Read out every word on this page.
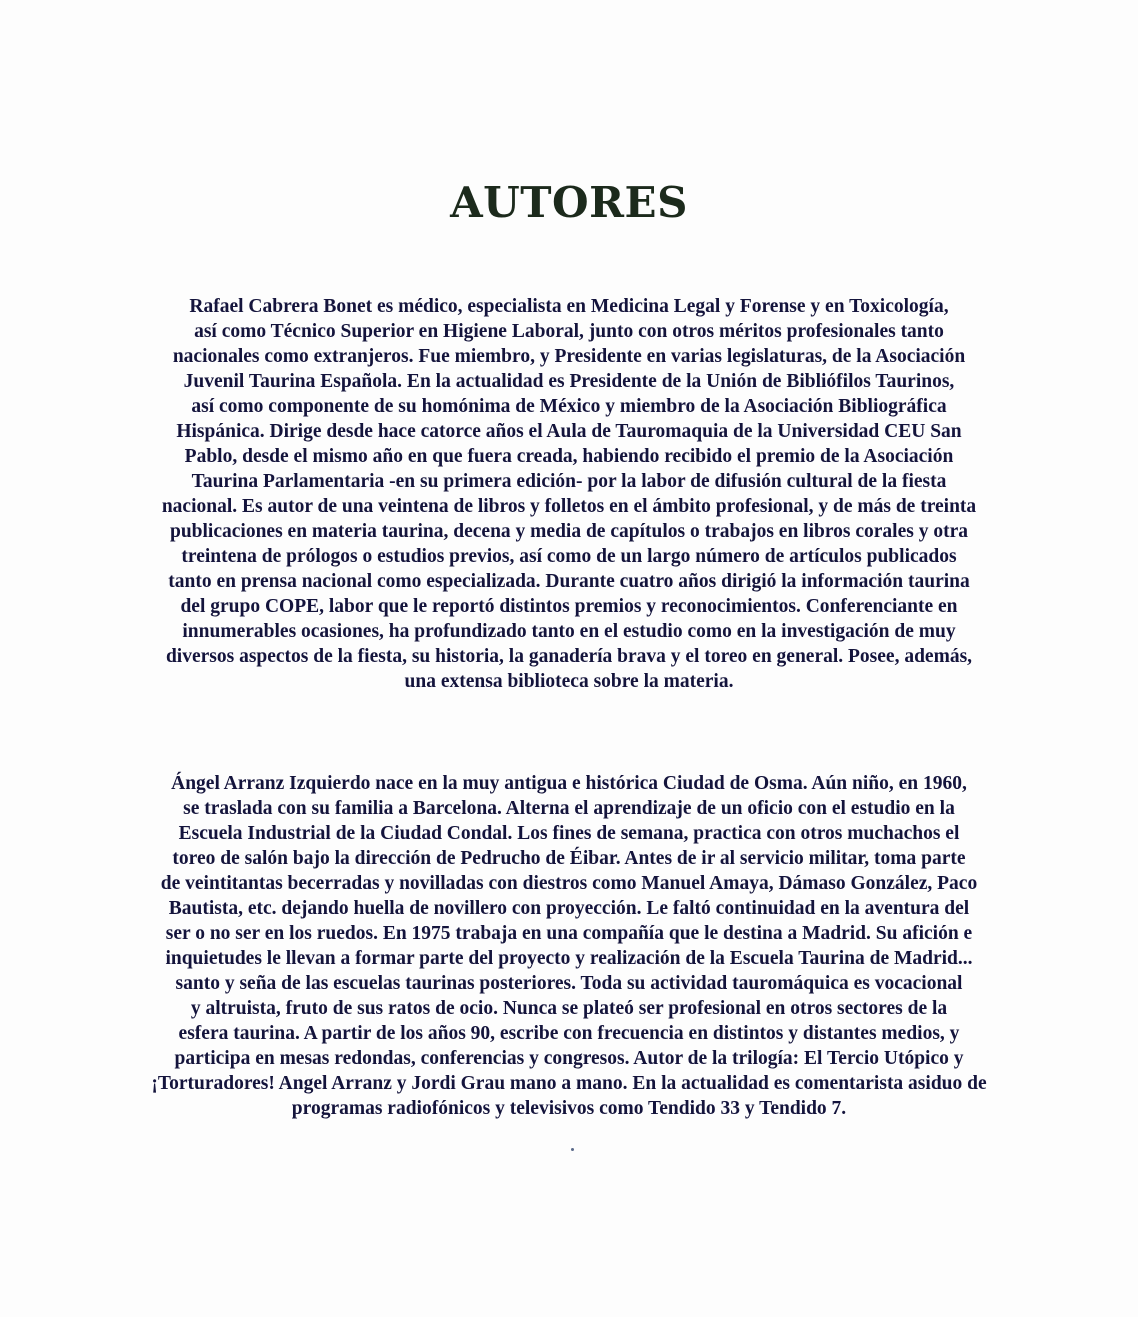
AUTORES
Rafael Cabrera Bonet es médico, especialista en Medicina Legal y Forense y en Toxicología,
así como Técnico Superior en Higiene Laboral, junto con otros méritos profesionales tanto
nacionales como extranjeros. Fue miembro, y Presidente en varias legislaturas, de la Asociación
Juvenil Taurina Española. En la actualidad es Presidente de la Unión de Bibliófilos Taurinos,
así como componente de su homónima de México y miembro de la Asociación Bibliográfica
Hispánica. Dirige desde hace catorce años el Aula de Tauromaquia de la Universidad CEU San
Pablo, desde el mismo año en que fuera creada, habiendo recibido el premio de la Asociación
Taurina Parlamentaria -en su primera edición- por la labor de difusión cultural de la fiesta
nacional. Es autor de una veintena de libros y folletos en el ámbito profesional, y de más de treinta
publicaciones en materia taurina, decena y media de capítulos o trabajos en libros corales y otra
treintena de prólogos o estudios previos, así como de un largo número de artículos publicados
tanto en prensa nacional como especializada. Durante cuatro años dirigió la información taurina
del grupo COPE, labor que le reportó distintos premios y reconocimientos. Conferenciante en
innumerables ocasiones, ha profundizado tanto en el estudio como en la investigación de muy
diversos aspectos de la fiesta, su historia, la ganadería brava y el toreo en general. Posee, además,
una extensa biblioteca sobre la materia.
Ángel Arranz Izquierdo nace en la muy antigua e histórica Ciudad de Osma. Aún niño, en 1960,
se traslada con su familia a Barcelona. Alterna el aprendizaje de un oficio con el estudio en la
Escuela Industrial de la Ciudad Condal. Los fines de semana, practica con otros muchachos el
toreo de salón bajo la dirección de Pedrucho de Éibar. Antes de ir al servicio militar, toma parte
de veintitantas becerradas y novilladas con diestros como Manuel Amaya, Dámaso González, Paco
Bautista, etc. dejando huella de novillero con proyección. Le faltó continuidad en la aventura del
ser o no ser en los ruedos. En 1975 trabaja en una compañía que le destina a Madrid. Su afición e
inquietudes le llevan a formar parte del proyecto y realización de la Escuela Taurina de Madrid...
santo y seña de las escuelas taurinas posteriores. Toda su actividad tauromáquica es vocacional
y altruista, fruto de sus ratos de ocio. Nunca se plateó ser profesional en otros sectores de la
esfera taurina. A partir de los años 90, escribe con frecuencia en distintos y distantes medios, y
participa en mesas redondas, conferencias y congresos. Autor de la trilogía: El Tercio Utópico y
¡Torturadores! Angel Arranz y Jordi Grau mano a mano. En la actualidad es comentarista asiduo de
programas radiofónicos y televisivos como Tendido 33 y Tendido 7.
